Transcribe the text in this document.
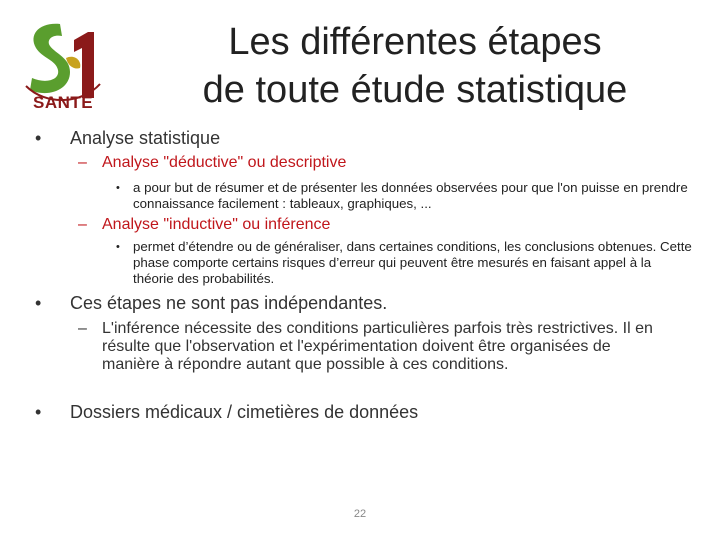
SANTE
Les différentes étapes
de toute étude statistique
• Analyse statistique
– Analyse "déductive" ou descriptive
• a pour but de résumer et de présenter les données observées pour que l'on puisse en prendre connaissance facilement : tableaux, graphiques, ...
– Analyse "inductive" ou inférence
• permet d’étendre ou de généraliser, dans certaines conditions, les conclusions obtenues. Cette phase comporte certains risques d’erreur qui peuvent être mesurés en faisant appel à la théorie des probabilités.
• Ces étapes ne sont pas indépendantes.
– L'inférence nécessite des conditions particulières parfois très restrictives. Il en résulte que l'observation et l'expérimentation doivent être organisées de manière à répondre autant que possible à ces conditions.
• Dossiers médicaux / cimetières de données
22
